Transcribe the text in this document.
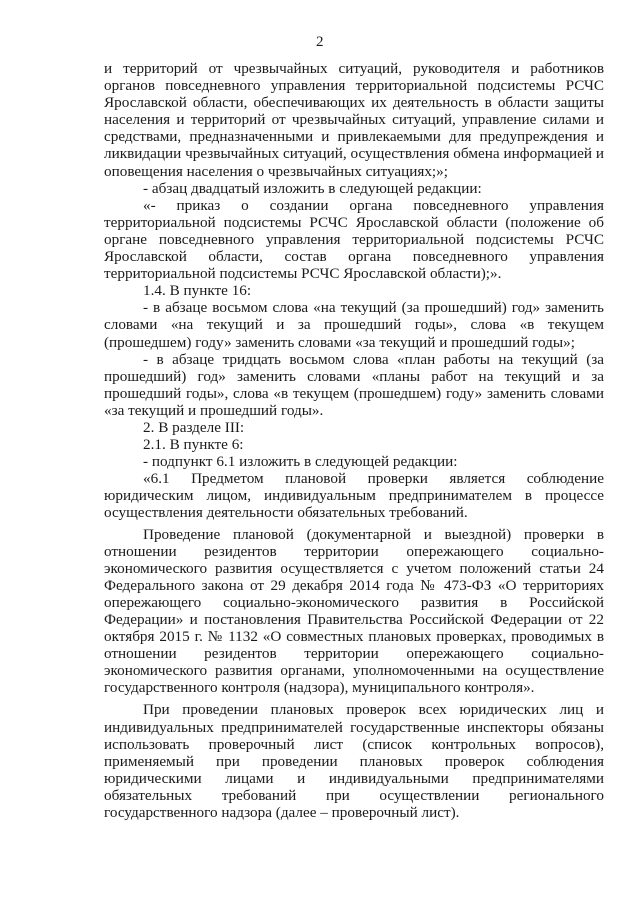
2

и территорий от чрезвычайных ситуаций, руководителя и работников органов повседневного управления территориальной подсистемы РСЧС Ярославской области, обеспечивающих их деятельность в области защиты населения и территорий от чрезвычайных ситуаций, управление силами и средствами, предназначенными и привлекаемыми для предупреждения и ликвидации чрезвычайных ситуаций, осуществления обмена информацией и оповещения населения о чрезвычайных ситуациях;»;

- абзац двадцатый изложить в следующей редакции:

«- приказ о создании органа повседневного управления территориальной подсистемы РСЧС Ярославской области (положение об органе повседневного управления территориальной подсистемы РСЧС Ярославской области, состав органа повседневного управления территориальной подсистемы РСЧС Ярославской области);».

1.4. В пункте 16:

- в абзаце восьмом слова «на текущий (за прошедший) год» заменить словами «на текущий и за прошедший годы», слова «в текущем (прошедшем) году» заменить словами «за текущий и прошедший годы»;

- в абзаце тридцать восьмом слова «план работы на текущий (за прошедший) год» заменить словами «планы работ на текущий и за прошедший годы», слова «в текущем (прошедшем) году» заменить словами «за текущий и прошедший годы».

2. В разделе III:

2.1. В пункте 6:

- подпункт 6.1 изложить в следующей редакции:

«6.1 Предметом плановой проверки является соблюдение юридическим лицом, индивидуальным предпринимателем в процессе осуществления деятельности обязательных требований.

Проведение плановой (документарной и выездной) проверки в отношении резидентов территории опережающего социально-экономического развития осуществляется с учетом положений статьи 24 Федерального закона от 29 декабря 2014 года № 473-ФЗ «О территориях опережающего социально-экономического развития в Российской Федерации» и постановления Правительства Российской Федерации от 22 октября 2015 г. № 1132 «О совместных плановых проверках, проводимых в отношении резидентов территории опережающего социально-экономического развития органами, уполномоченными на осуществление государственного контроля (надзора), муниципального контроля».

При проведении плановых проверок всех юридических лиц и индивидуальных предпринимателей государственные инспекторы обязаны использовать проверочный лист (список контрольных вопросов), применяемый при проведении плановых проверок соблюдения юридическими лицами и индивидуальными предпринимателями обязательных требований при осуществлении регионального государственного надзора (далее – проверочный лист).
